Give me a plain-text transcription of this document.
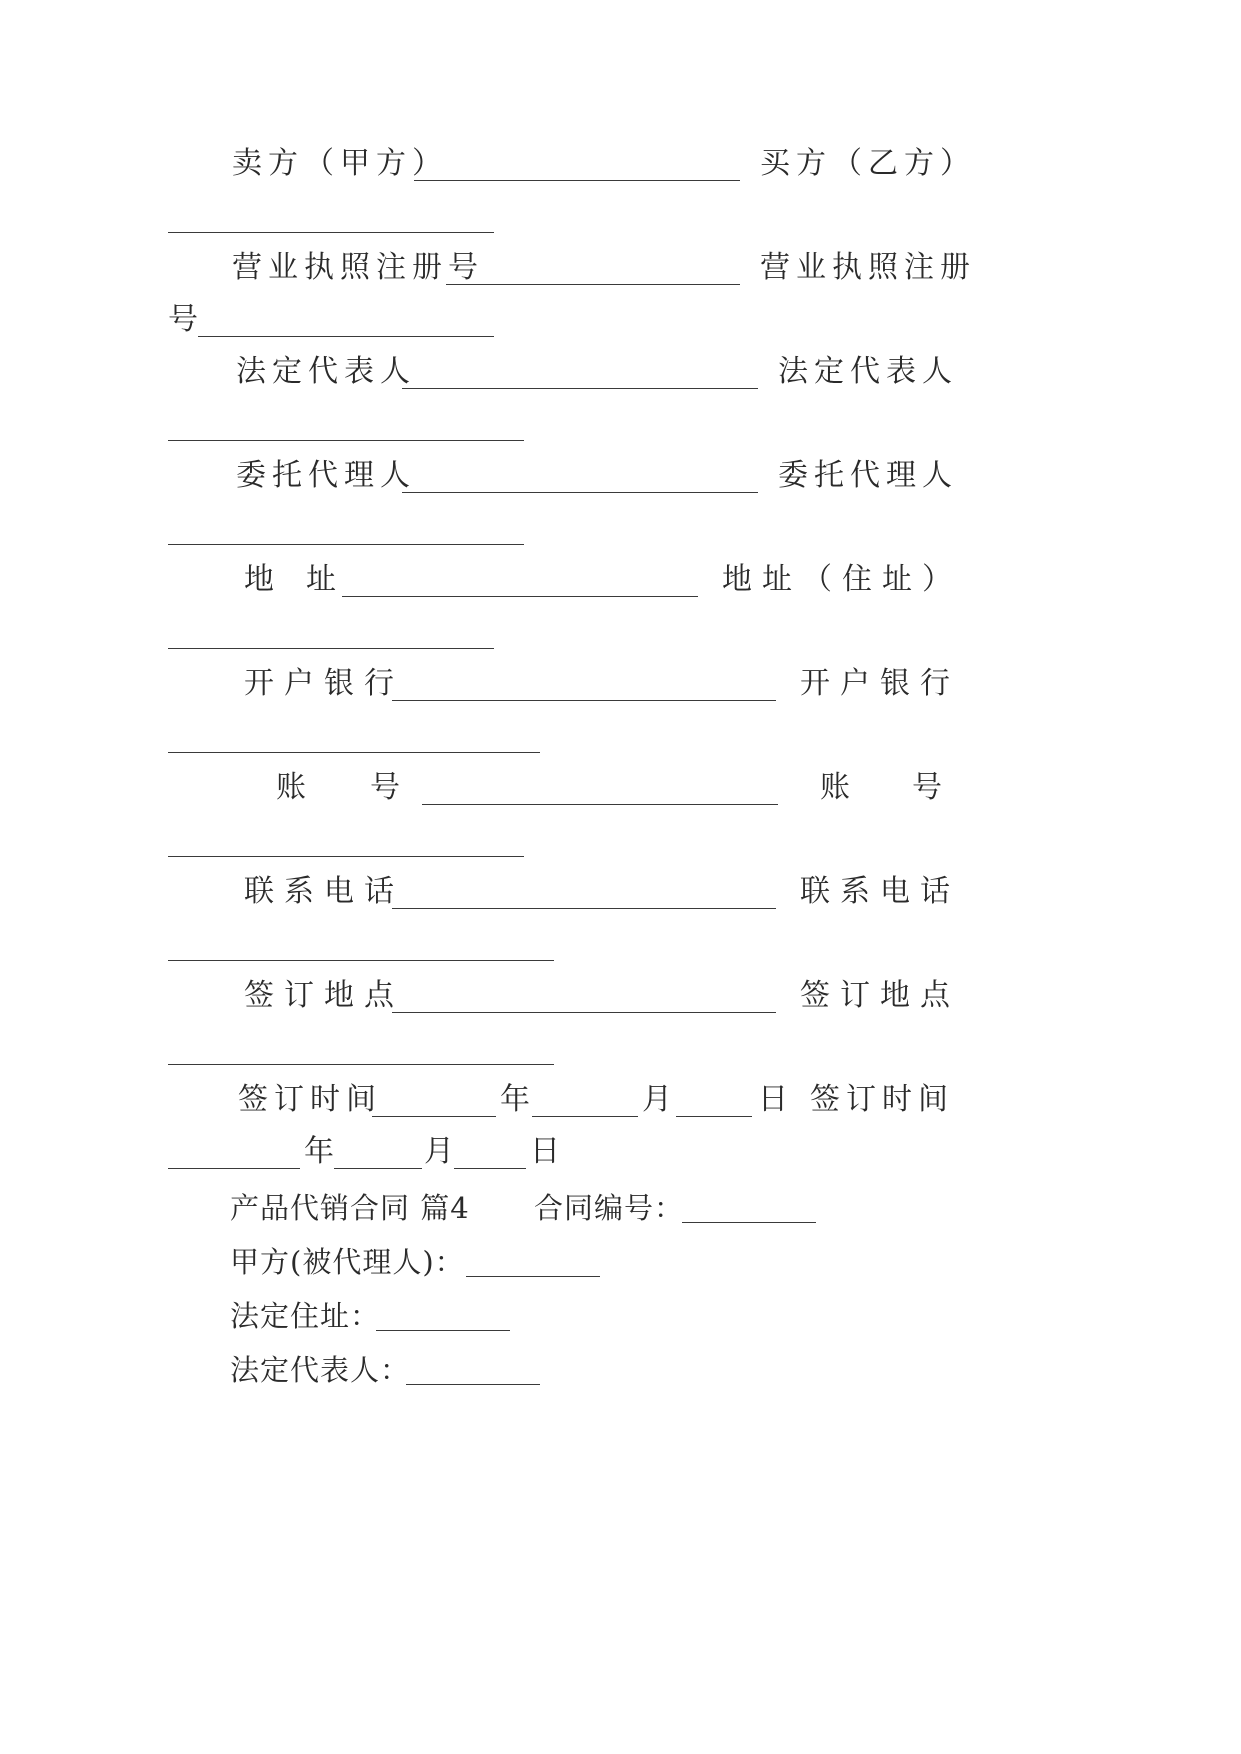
卖方（甲方）	买方（乙方）
营业执照注册号	营业执照注册
号
法定代表人	法定代表人
委托代理人	委托代理人
地 址	地址（住址）
开户银行	开户银行
账 号	账 号
联系电话	联系电话
签订地点	签订地点
签订时间	年	月	日 签订时间
年	月	日
产品代销合同 篇4 合同编号：
甲方(被代理人)：
法定住址：
法定代表人：
